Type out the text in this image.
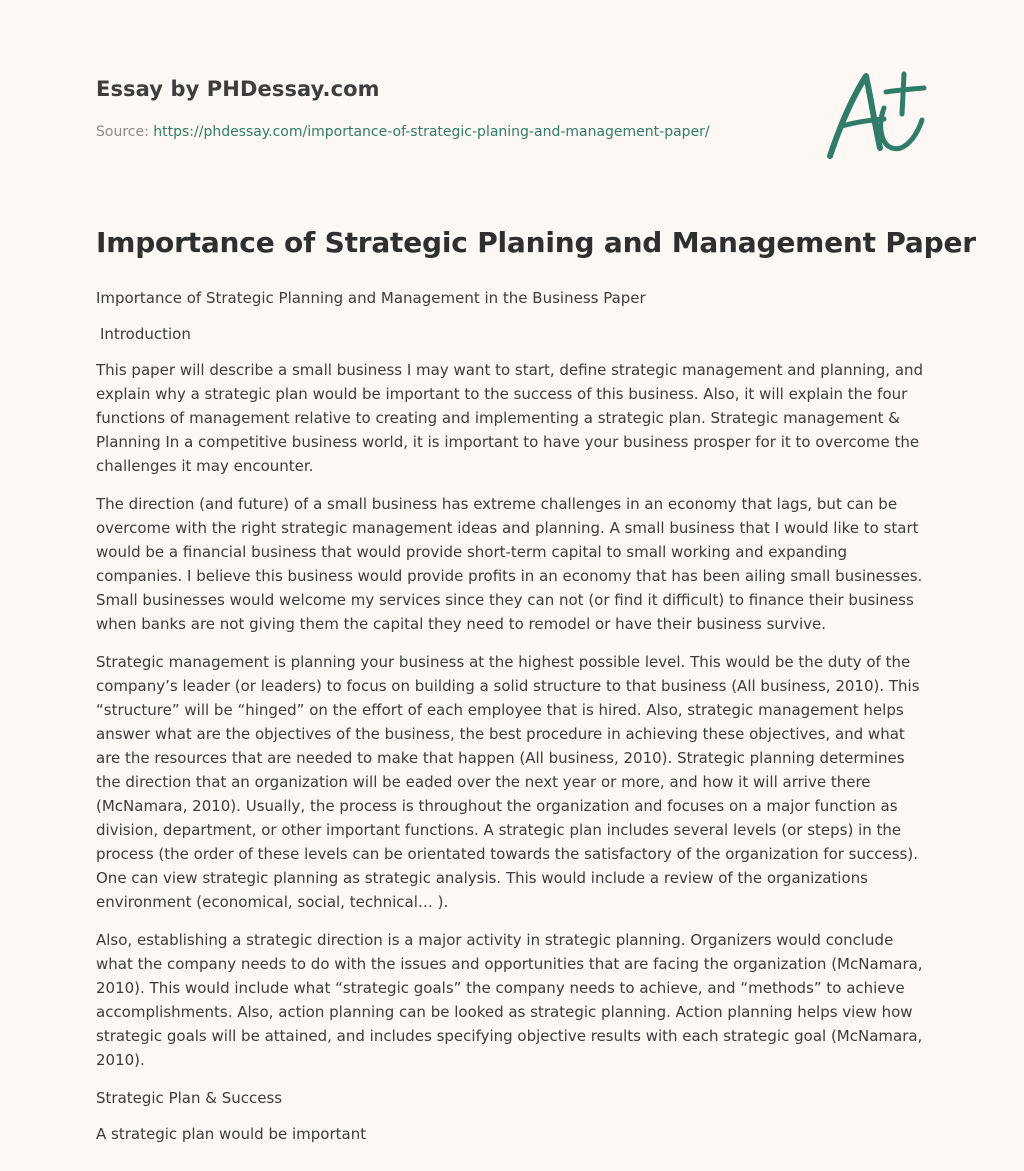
Essay by PHDessay.com
Source: https://phdessay.com/importance-of-strategic-planing-and-management-paper/
Importance of Strategic Planing and Management Paper

Importance of Strategic Planning and Management in the Business Paper

Introduction

This paper will describe a small business I may want to start, define strategic management and planning, and explain why a strategic plan would be important to the success of this business. Also, it will explain the four functions of management relative to creating and implementing a strategic plan. Strategic management & Planning In a competitive business world, it is important to have your business prosper for it to overcome the challenges it may encounter.

The direction (and future) of a small business has extreme challenges in an economy that lags, but can be overcome with the right strategic management ideas and planning. A small business that I would like to start would be a financial business that would provide short-term capital to small working and expanding companies. I believe this business would provide profits in an economy that has been ailing small businesses. Small businesses would welcome my services since they can not (or find it difficult) to finance their business when banks are not giving them the capital they need to remodel or have their business survive.

Strategic management is planning your business at the highest possible level. This would be the duty of the company’s leader (or leaders) to focus on building a solid structure to that business (All business, 2010). This “structure” will be “hinged” on the effort of each employee that is hired. Also, strategic management helps answer what are the objectives of the business, the best procedure in achieving these objectives, and what are the resources that are needed to make that happen (All business, 2010). Strategic planning determines the direction that an organization will be eaded over the next year or more, and how it will arrive there (McNamara, 2010). Usually, the process is throughout the organization and focuses on a major function as division, department, or other important functions. A strategic plan includes several levels (or steps) in the process (the order of these levels can be orientated towards the satisfactory of the organization for success). One can view strategic planning as strategic analysis. This would include a review of the organizations environment (economical, social, technical… ).

Also, establishing a strategic direction is a major activity in strategic planning. Organizers would conclude what the company needs to do with the issues and opportunities that are facing the organization (McNamara, 2010). This would include what “strategic goals” the company needs to achieve, and “methods” to achieve accomplishments. Also, action planning can be looked as strategic planning. Action planning helps view how strategic goals will be attained, and includes specifying objective results with each strategic goal (McNamara, 2010).

Strategic Plan & Success

A strategic plan would be important
